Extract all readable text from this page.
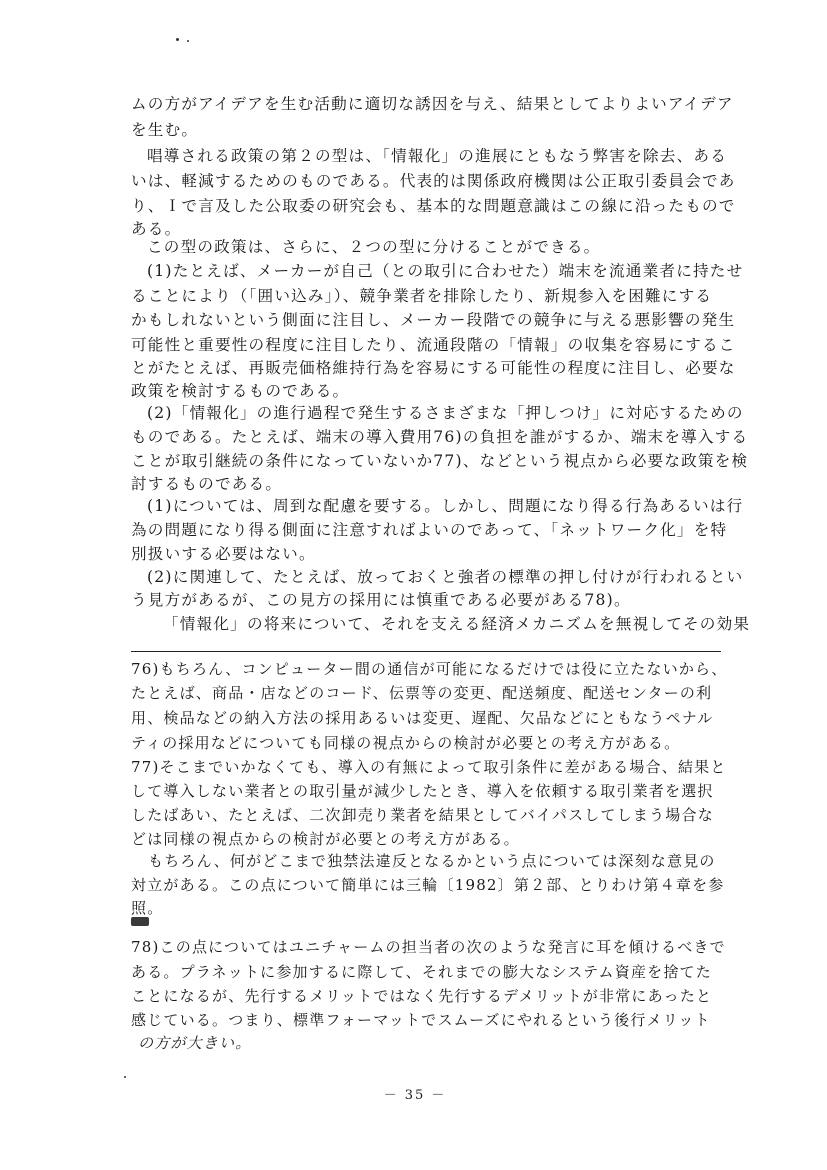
ムの方がアイデアを生む活動に適切な誘因を与え、結果としてよりよいアイデア
を生む。
唱導される政策の第２の型は、「情報化」の進展にともなう弊害を除去、ある
いは、軽減するためのものである。代表的は関係政府機関は公正取引委員会であ
り、Ｉで言及した公取委の研究会も、基本的な問題意識はこの線に沿ったもので
ある。
この型の政策は、さらに、２つの型に分けることができる。
(1)たとえば、メーカーが自己（との取引に合わせた）端末を流通業者に持たせ
ることにより（「囲い込み」）、競争業者を排除したり、新規参入を困難にする
かもしれないという側面に注目し、メーカー段階での競争に与える悪影響の発生
可能性と重要性の程度に注目したり、流通段階の「情報」の収集を容易にするこ
とがたとえば、再販売価格維持行為を容易にする可能性の程度に注目し、必要な
政策を検討するものである。
(2)「情報化」の進行過程で発生するさまざまな「押しつけ」に対応するための
ものである。たとえば、端末の導入費用76)の負担を誰がするか、端末を導入する
ことが取引継続の条件になっていないか77)、などという視点から必要な政策を検
討するものである。
(1)については、周到な配慮を要する。しかし、問題になり得る行為あるいは行
為の問題になり得る側面に注意すればよいのであって、「ネットワーク化」を特
別扱いする必要はない。
(2)に関連して、たとえば、放っておくと強者の標準の押し付けが行われるとい
う見方があるが、この見方の採用には慎重である必要がある78)。
「情報化」の将来について、それを支える経済メカニズムを無視してその効果
76)もちろん、コンピューター間の通信が可能になるだけでは役に立たないから、
たとえば、商品・店などのコード、伝票等の変更、配送頻度、配送センターの利
用、検品などの納入方法の採用あるいは変更、遅配、欠品などにともなうペナル
ティの採用などについても同様の視点からの検討が必要との考え方がある。
77)そこまでいかなくても、導入の有無によって取引条件に差がある場合、結果と
して導入しない業者との取引量が減少したとき、導入を依頼する取引業者を選択
したばあい、たとえば、二次卸売り業者を結果としてバイパスしてしまう場合な
どは同様の視点からの検討が必要との考え方がある。
もちろん、何がどこまで独禁法違反となるかという点については深刻な意見の
対立がある。この点について簡単には三輪〔1982〕第２部、とりわけ第４章を参
照。
78)この点についてはユニチャームの担当者の次のような発言に耳を傾けるべきで
ある。プラネットに参加するに際して、それまでの膨大なシステム資産を捨てた
ことになるが、先行するメリットではなく先行するデメリットが非常にあったと
感じている。つまり、標準フォーマットでスムーズにやれるという後行メリット
の方が大きい。
－ 35 －
